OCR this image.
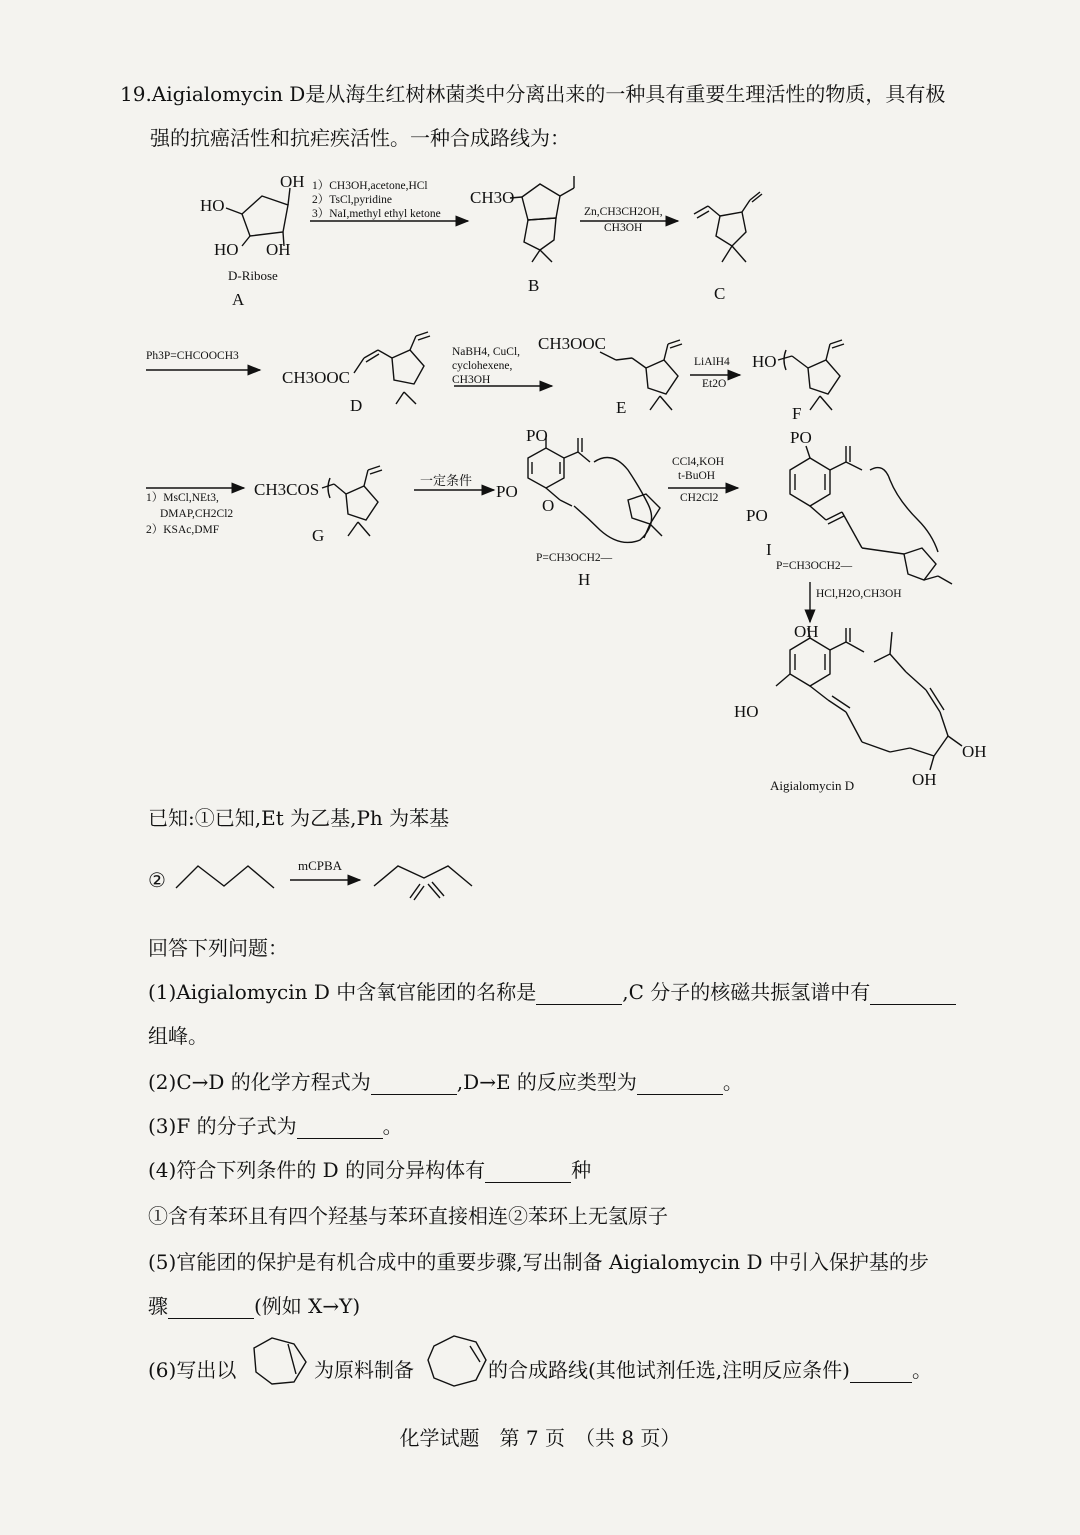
19.Aigialomycin D是从海生红树林菌类中分离出来的一种具有重要生理活性的物质，具有极
强的抗癌活性和抗疟疾活性。一种合成路线为：
OH
HO
HO OH
D-Ribose
A
1）CH3OH,acetone,HCl
2）TsCl,pyridine
3）NaI,methyl ethyl ketone
CH3O
B
Zn,CH3CH2OH,
CH3OH
C
Ph3P=CHCOOCH3
CH3OOC
D
NaBH4, CuCl,
cyclohexene,
CH3OH
CH3OOC
E
LiAlH4
Et2O
HO
F
1）MsCl,NEt3,
DMAP,CH2Cl2
2）KSAc,DMF
CH3COS
G
一定条件
PO
PO
O
P=CH3OCH2—
H
CCl4,KOH
t-BuOH
CH2Cl2
PO
PO
P=CH3OCH2—
I
HCl,H2O,CH3OH
OH
HO
OH
OH
Aigialomycin D
已知:①已知,Et 为乙基,Ph 为苯基
②
mCPBA
回答下列问题：
(1)Aigialomycin D 中含氧官能团的名称是	,C 分子的核磁共振氢谱中有
组峰。
(2)C→D 的化学方程式为	,D→E 的反应类型为	。
(3)F 的分子式为	。
(4)符合下列条件的 D 的同分异构体有	种
①含有苯环且有四个羟基与苯环直接相连②苯环上无氢原子
(5)官能团的保护是有机合成中的重要步骤,写出制备 Aigialomycin D 中引入保护基的步
骤	(例如 X→Y)
(6)写出以	为原料制备	的合成路线(其他试剂任选,注明反应条件)	。
化学试题　第 7 页　（共 8 页）
